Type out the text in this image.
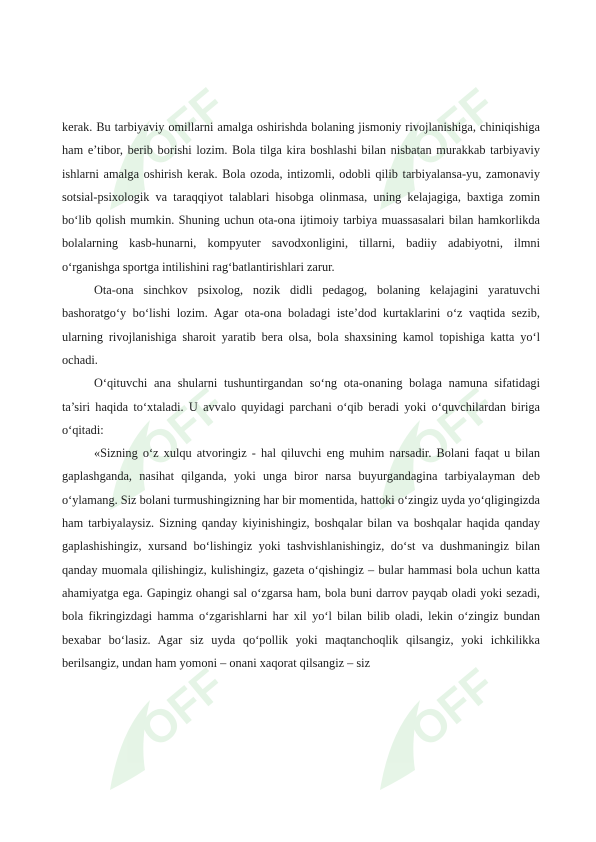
OFF	OFF
OFF	OFF
OFF	OFF

kerak. Bu tarbiyaviy omillarni amalga oshirishda bolaning jismoniy rivojlanishiga, chiniqishiga ham e’tibor, berib borishi lozim. Bola tilga kira boshlashi bilan nisbatan murakkab tarbiyaviy ishlarni amalga oshirish kerak. Bola ozoda, intizomli, odobli qilib tarbiyalansa-yu, zamonaviy sotsial-psixologik va taraqqiyot talablari hisobga olinmasa, uning kelajagiga, baxtiga zomin bo‘lib qolish mumkin. Shuning uchun ota-ona ijtimoiy tarbiya muassasalari bilan hamkorlikda bolalarning kasb-hunarni, kompyuter savodxonligini, tillarni, badiiy adabiyotni, ilmni o‘rganishga sportga intilishini rag‘batlantirishlari zarur.

Ota-ona sinchkov psixolog, nozik didli pedagog, bolaning kelajagini yaratuvchi bashoratgo‘y bo‘lishi lozim. Agar ota-ona boladagi iste’dod kurtaklarini o‘z vaqtida sezib, ularning rivojlanishiga sharoit yaratib bera olsa, bola shaxsining kamol topishiga katta yo‘l ochadi.

O‘qituvchi ana shularni tushuntirgandan so‘ng ota-onaning bolaga namuna sifatidagi ta’siri haqida to‘xtaladi. U avvalo quyidagi parchani o‘qib beradi yoki o‘quvchilardan biriga o‘qitadi:

«Sizning o‘z xulqu atvoringiz - hal qiluvchi eng muhim narsadir. Bolani faqat u bilan gaplashganda, nasihat qilganda, yoki unga biror narsa buyurgandagina tarbiyalayman deb o‘ylamang. Siz bolani turmushingizning har bir momentida, hattoki o‘zingiz uyda yo‘qligingizda ham tarbiyalaysiz. Sizning qanday kiyinishingiz, boshqalar bilan va boshqalar haqida qanday gaplashishingiz, xursand bo‘lishingiz yoki tashvishlanishingiz, do‘st va dushmaningiz bilan qanday muomala qilishingiz, kulishingiz, gazeta o‘qishingiz – bular hammasi bola uchun katta ahamiyatga ega. Gapingiz ohangi sal o‘zgarsa ham, bola buni darrov payqab oladi yoki sezadi, bola fikringizdagi hamma o‘zgarishlarni har xil yo‘l bilan bilib oladi, lekin o‘zingiz bundan bexabar bo‘lasiz. Agar siz uyda qo‘pollik yoki maqtanchoqlik qilsangiz, yoki ichkilikka berilsangiz, undan ham yomoni – onani xaqorat qilsangiz – siz
